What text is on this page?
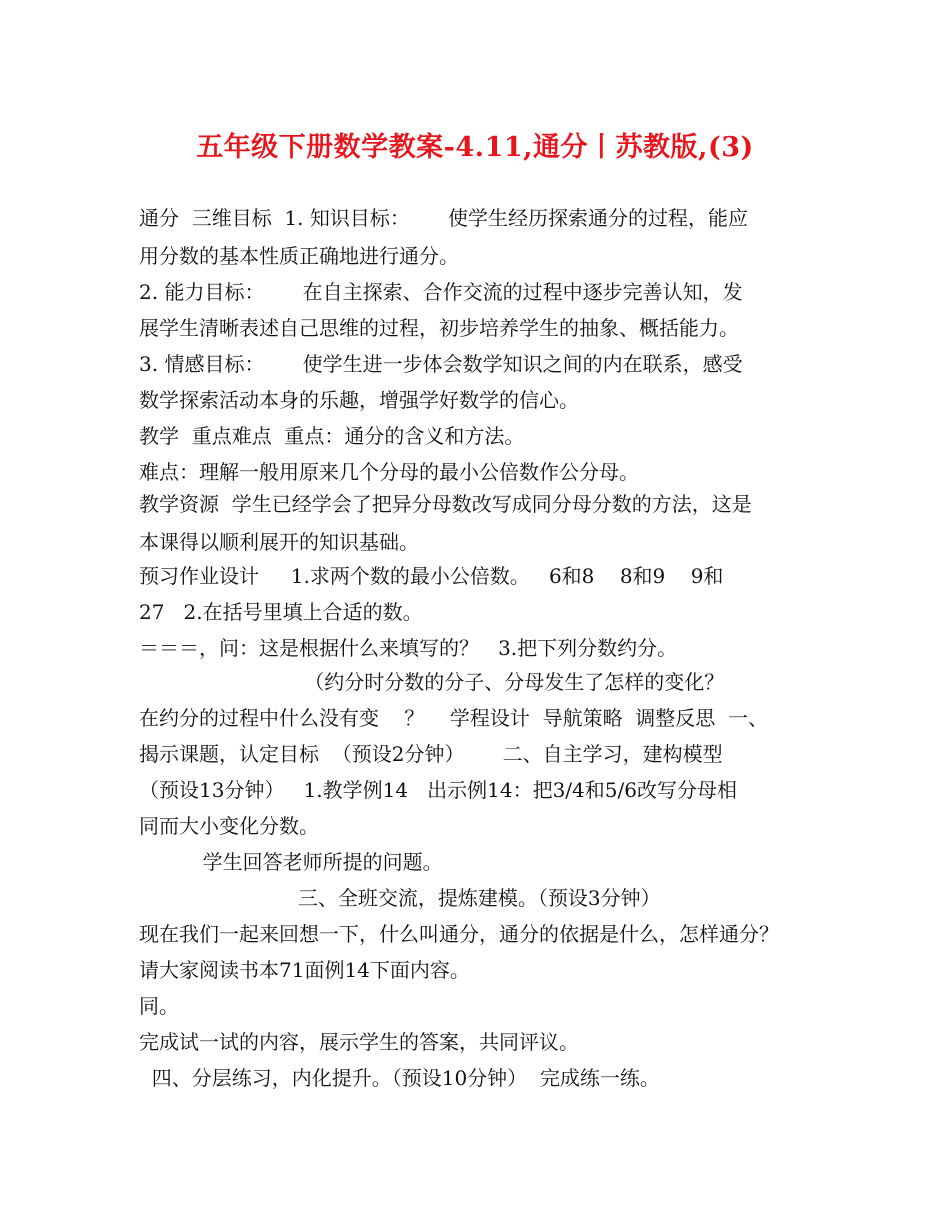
五年级下册数学教案-4.11,通分丨苏教版,(3)
通分  三维目标  1. 知识目标：      使学生经历探索通分的过程，能应
用分数的基本性质正确地进行通分。
2. 能力目标：      在自主探索、合作交流的过程中逐步完善认知，发
展学生清晰表述自己思维的过程，初步培养学生的抽象、概括能力。
3. 情感目标：      使学生进一步体会数学知识之间的内在联系，感受
数学探索活动本身的乐趣，增强学好数学的信心。
教学  重点难点  重点：通分的含义和方法。
难点：理解一般用原来几个分母的最小公倍数作公分母。
教学资源  学生已经学会了把异分母数改写成同分母分数的方法，这是
本课得以顺利展开的知识基础。
预习作业设计     1.求两个数的最小公倍数。   6和8    8和9    9和
27   2.在括号里填上合适的数。
＝＝＝，问：这是根据什么来填写的？   3.把下列分数约分。
（约分时分数的分子、分母发生了怎样的变化？
在约分的过程中什么没有变    ？    学程设计  导航策略  调整反思  一、
揭示课题，认定目标  （预设2分钟）      二、自主学习，建构模型
（预设13分钟）   1.教学例14   出示例14：把3/4和5/6改写分母相
同而大小变化分数。
学生回答老师所提的问题。
三、全班交流，提炼建模。（预设3分钟）
现在我们一起来回想一下，什么叫通分，通分的依据是什么，怎样通分？
请大家阅读书本71面例14下面内容。
同。
完成试一试的内容，展示学生的答案，共同评议。
四、分层练习，内化提升。（预设10分钟）  完成练一练。
